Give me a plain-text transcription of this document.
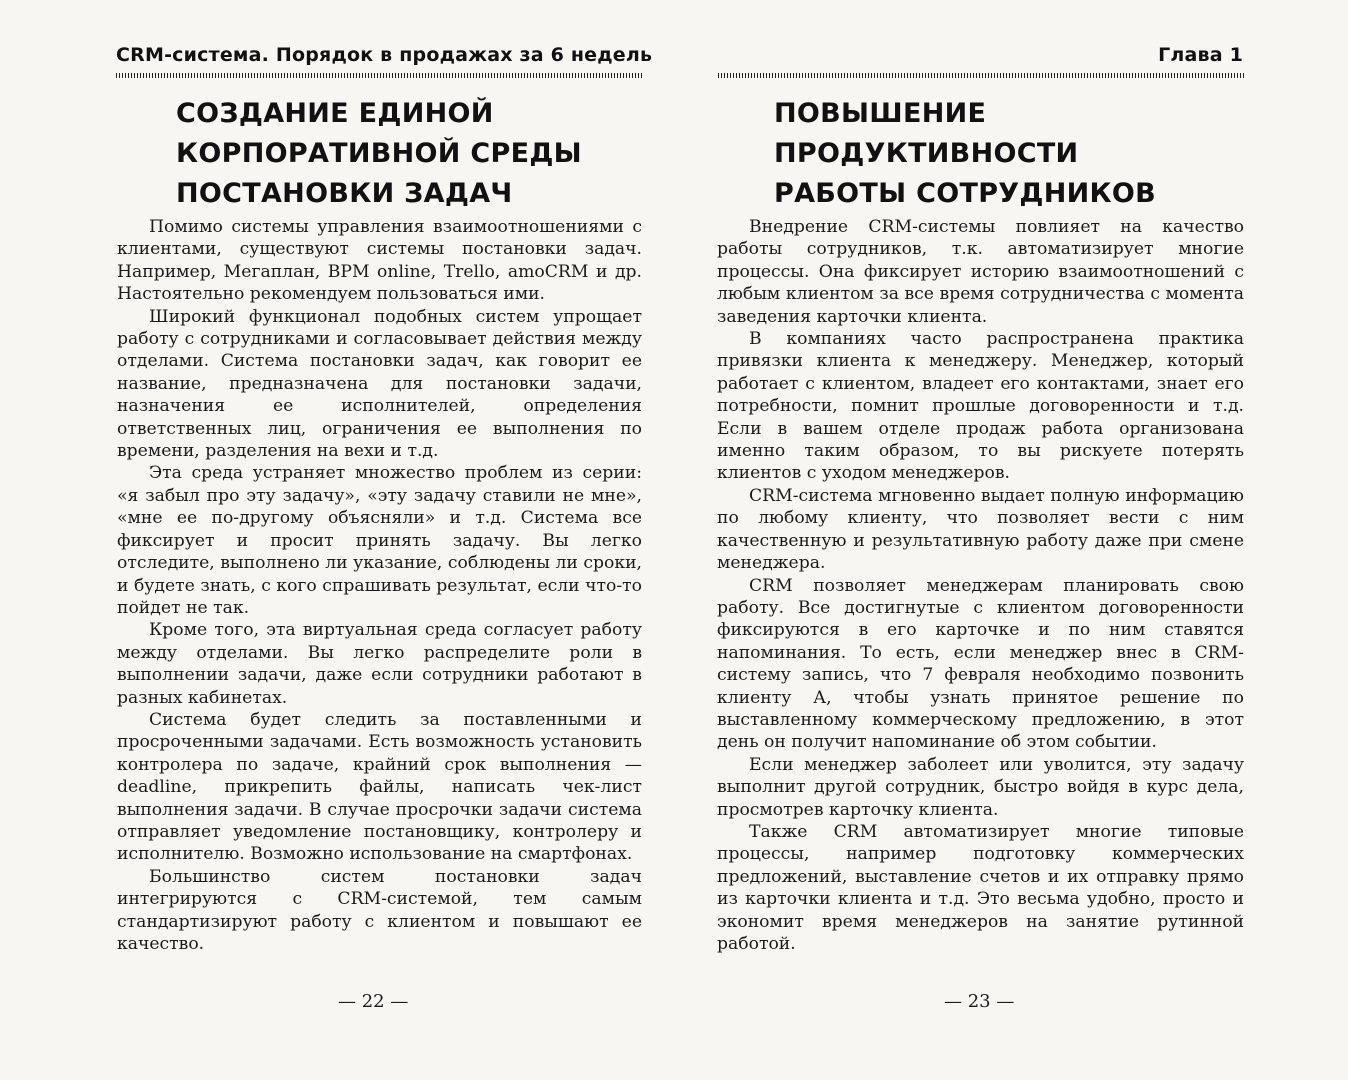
CRM-система. Порядок в продажах за 6 недель
СОЗДАНИЕ ЕДИНОЙ
КОРПОРАТИВНОЙ СРЕДЫ
ПОСТАНОВКИ ЗАДАЧ

Помимо системы управления взаимоотношениями с клиентами, существуют системы постановки задач. Например, Мегаплан, BPM online, Trello, amoCRM и др. Настоятельно рекомендуем пользоваться ими.

Широкий функционал подобных систем упрощает работу с сотрудниками и согласовывает действия между отделами. Система постановки задач, как говорит ее название, предназначена для постановки задачи, назначения ее исполнителей, определения ответственных лиц, ограничения ее выполнения по времени, разделения на вехи и т.д.

Эта среда устраняет множество проблем из серии: «я забыл про эту задачу», «эту задачу ставили не мне», «мне ее по-другому объясняли» и т.д. Система все фиксирует и просит принять задачу. Вы легко отследите, выполнено ли указание, соблюдены ли сроки, и будете знать, с кого спрашивать результат, если что-то пойдет не так.

Кроме того, эта виртуальная среда согласует работу между отделами. Вы легко распределите роли в выполнении задачи, даже если сотрудники работают в разных кабинетах.

Система будет следить за поставленными и просроченными задачами. Есть возможность установить контролера по задаче, крайний срок выполнения — deadline, прикрепить файлы, написать чек-лист выполнения задачи. В случае просрочки задачи система отправляет уведомление постановщику, контролеру и исполнителю. Возможно использование на смартфонах.

Большинство систем постановки задач интегрируются с CRM-системой, тем самым стандартизируют работу с клиентом и повышают ее качество.

— 22 —
Глава 1
ПОВЫШЕНИЕ
ПРОДУКТИВНОСТИ
РАБОТЫ СОТРУДНИКОВ

Внедрение CRM-системы повлияет на качество работы сотрудников, т.к. автоматизирует многие процессы. Она фиксирует историю взаимоотношений с любым клиентом за все время сотрудничества с момента заведения карточки клиента.

В компаниях часто распространена практика привязки клиента к менеджеру. Менеджер, который работает с клиентом, владеет его контактами, знает его потребности, помнит прошлые договоренности и т.д. Если в вашем отделе продаж работа организована именно таким образом, то вы рискуете потерять клиентов с уходом менеджеров.

CRM-система мгновенно выдает полную информацию по любому клиенту, что позволяет вести с ним качественную и результативную работу даже при смене менеджера.

CRM позволяет менеджерам планировать свою работу. Все достигнутые с клиентом договоренности фиксируются в его карточке и по ним ставятся напоминания. То есть, если менеджер внес в CRM-систему запись, что 7 февраля необходимо позвонить клиенту А, чтобы узнать принятое решение по выставленному коммерческому предложению, в этот день он получит напоминание об этом событии.

Если менеджер заболеет или уволится, эту задачу выполнит другой сотрудник, быстро войдя в курс дела, просмотрев карточку клиента.

Также CRM автоматизирует многие типовые процессы, например подготовку коммерческих предложений, выставление счетов и их отправку прямо из карточки клиента и т.д. Это весьма удобно, просто и экономит время менеджеров на занятие рутинной работой.

— 23 —
